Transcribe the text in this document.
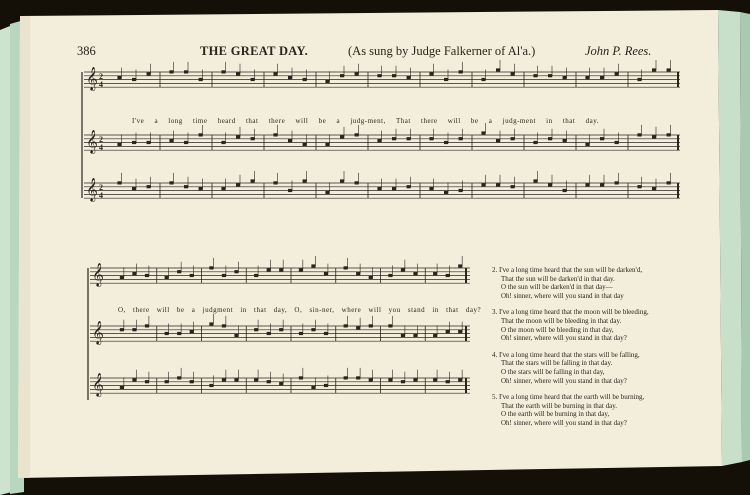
𝄞 2
4
𝄞 2
4
𝄞 2
4
𝄞
𝄞
𝄞
386	THE GREAT DAY.	(As sung by Judge Falkerner of Al'a.)	John P. Rees.
I've a long time heard that there will be a judg-ment, That there will be a judg-ment in that day.
O, there will be a judgment in that day, O, sin-ner, where will you stand in that day?
2. I've a long time heard that the sun will be darken'd,
That the sun will be darken'd in that day.
O the sun will be darken'd in that day—
Oh! sinner, where will you stand in that day
3. I've a long time heard that the moon will be bleeding,
That the moon will be bleeding in that day.
O the moon will be bleeding in that day,
Oh! sinner, where will you stand in that day?
4. I've a long time heard that the stars will be falling,
That the stars will be falling in that day.
O the stars will be falling in that day,
Oh! sinner, where will you stand in that day?
5. I've a long time heard that the earth will be burning,
That the earth will be burning in that day.
O the earth will be burning in that day,
Oh! sinner, where will you stand in that day?
